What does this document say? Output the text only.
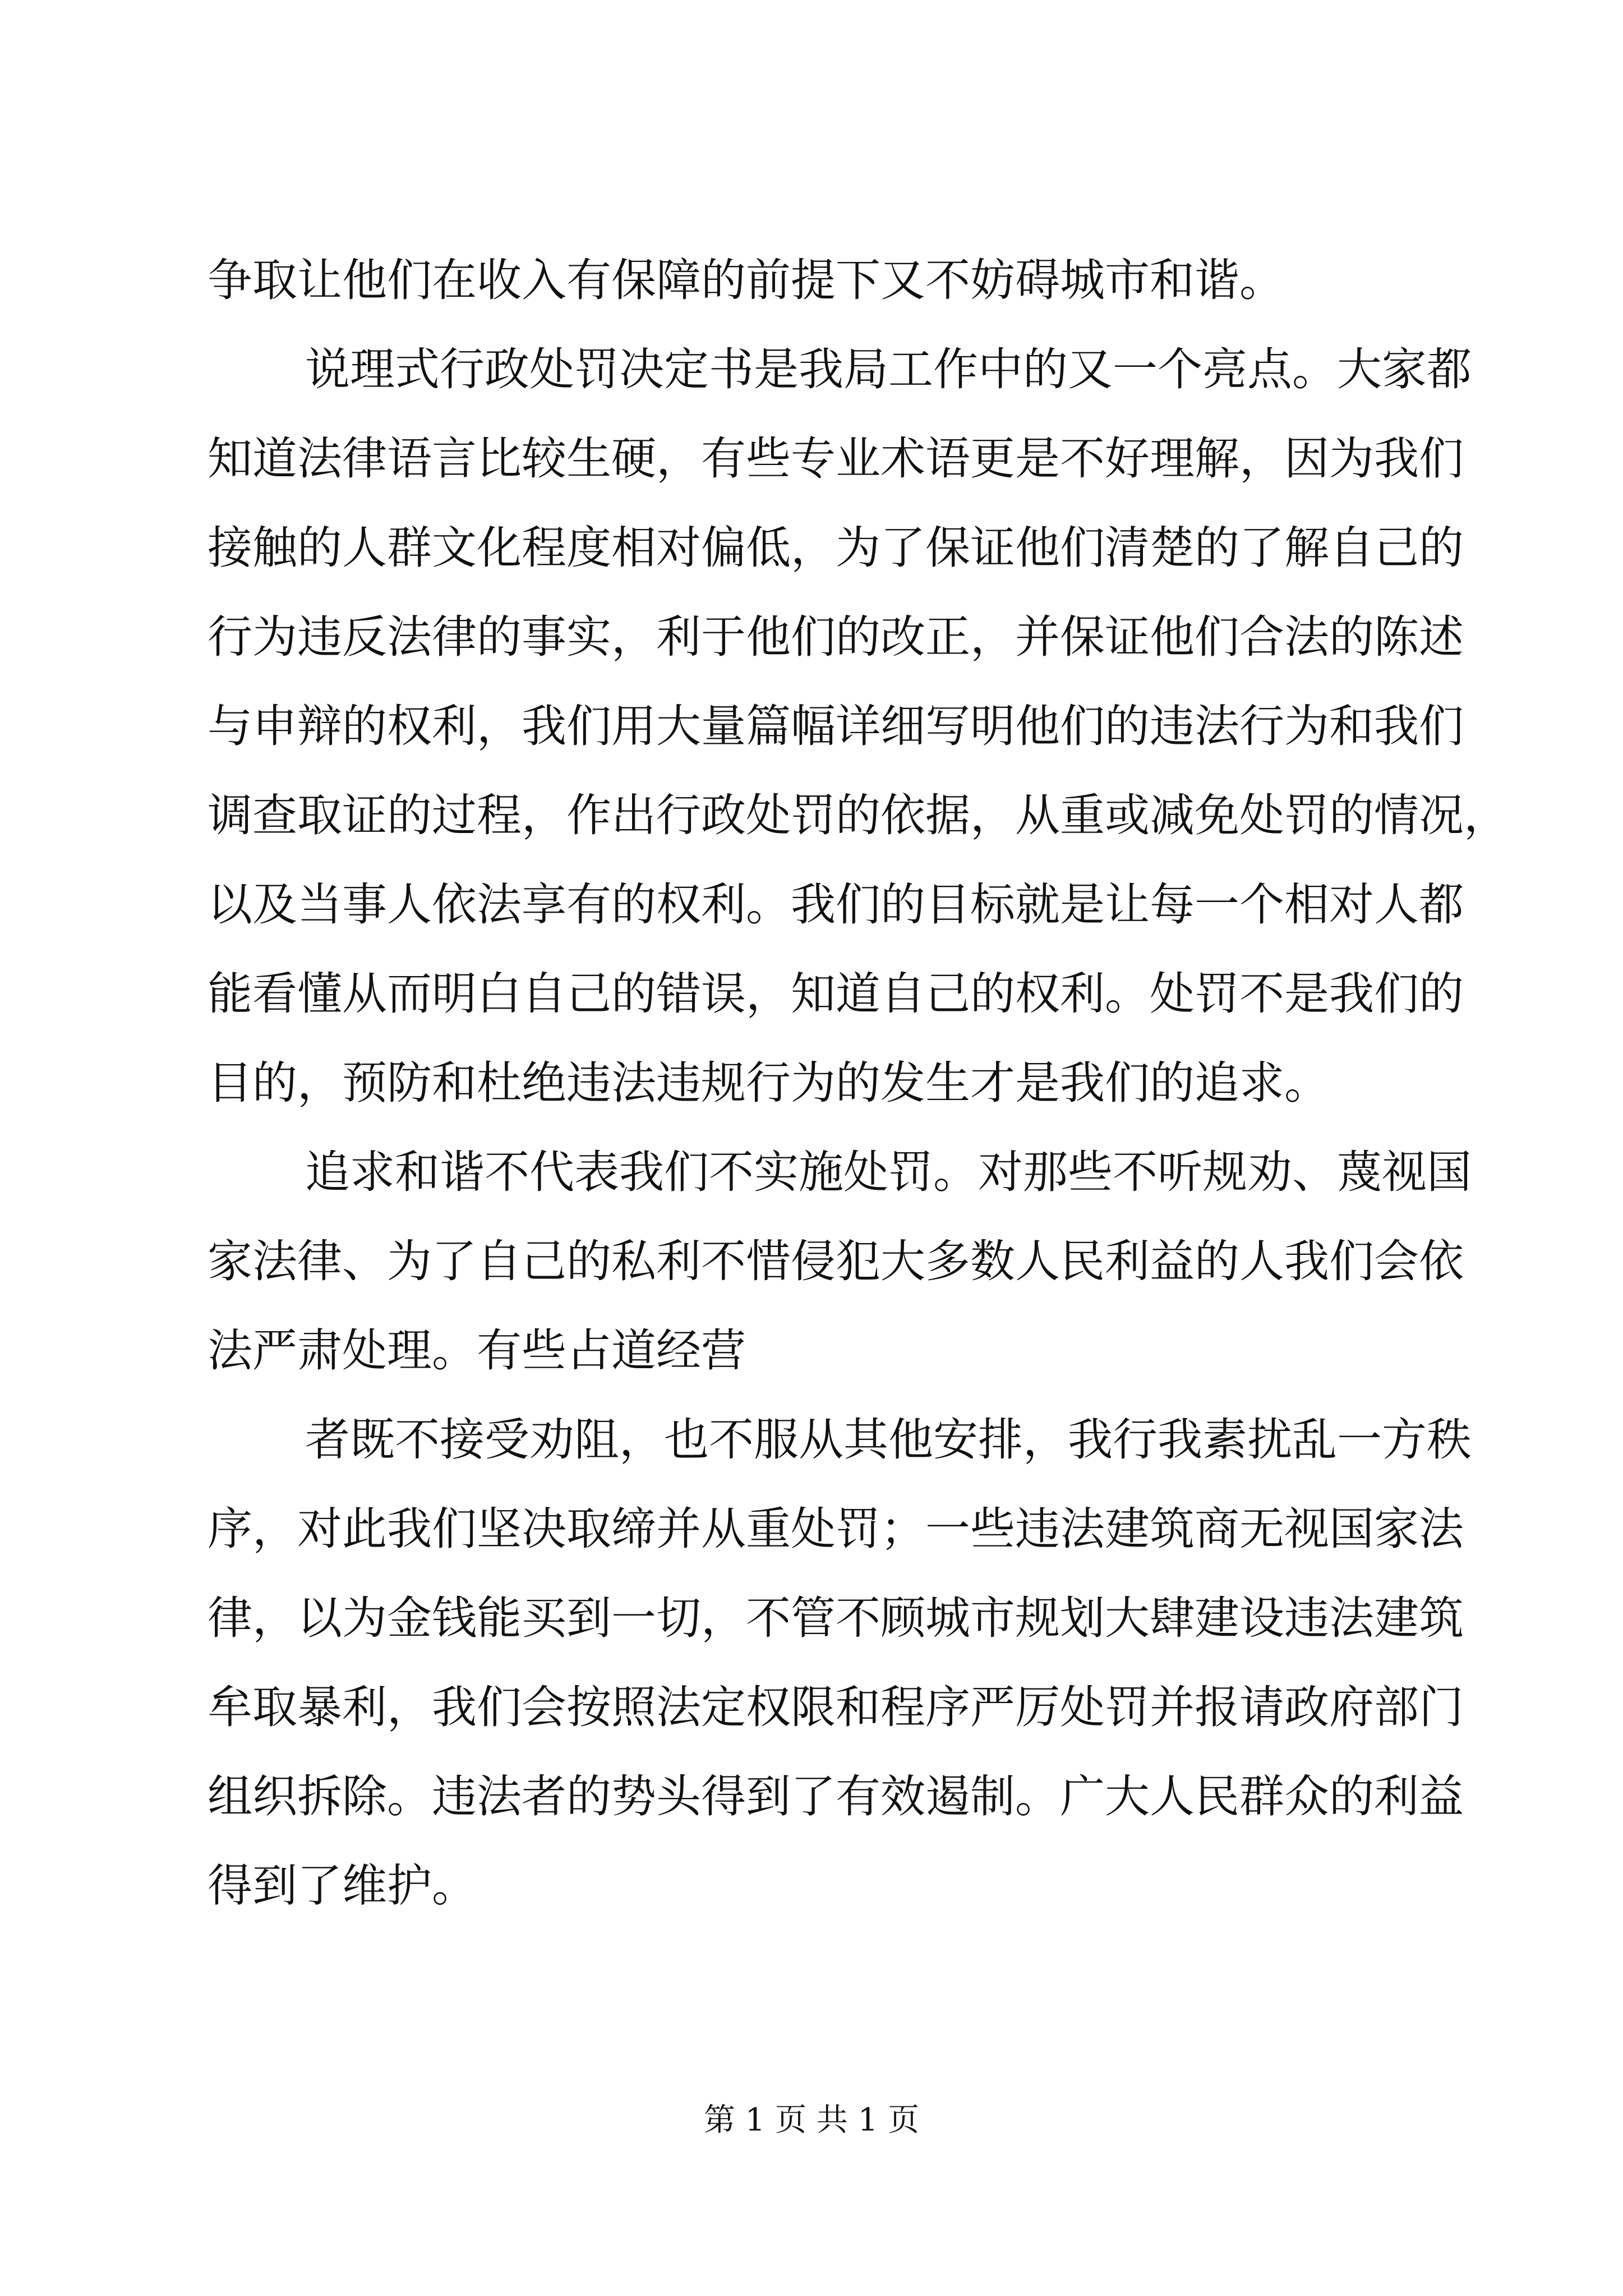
争取让他们在收入有保障的前提下又不妨碍城市和谐。
说理式行政处罚决定书是我局工作中的又一个亮点。大家都
知道法律语言比较生硬，有些专业术语更是不好理解，因为我们
接触的人群文化程度相对偏低，为了保证他们清楚的了解自己的
行为违反法律的事实，利于他们的改正，并保证他们合法的陈述
与申辩的权利，我们用大量篇幅详细写明他们的违法行为和我们
调查取证的过程，作出行政处罚的依据，从重或减免处罚的情况，
以及当事人依法享有的权利。我们的目标就是让每一个相对人都
能看懂从而明白自己的错误，知道自己的权利。处罚不是我们的
目的，预防和杜绝违法违规行为的发生才是我们的追求。
追求和谐不代表我们不实施处罚。对那些不听规劝、蔑视国
家法律、为了自己的私利不惜侵犯大多数人民利益的人我们会依
法严肃处理。有些占道经营
者既不接受劝阻，也不服从其他安排，我行我素扰乱一方秩
序，对此我们坚决取缔并从重处罚；一些违法建筑商无视国家法
律，以为金钱能买到一切，不管不顾城市规划大肆建设违法建筑
牟取暴利，我们会按照法定权限和程序严厉处罚并报请政府部门
组织拆除。违法者的势头得到了有效遏制。广大人民群众的利益
得到了维护。
第 1 页 共 1 页
